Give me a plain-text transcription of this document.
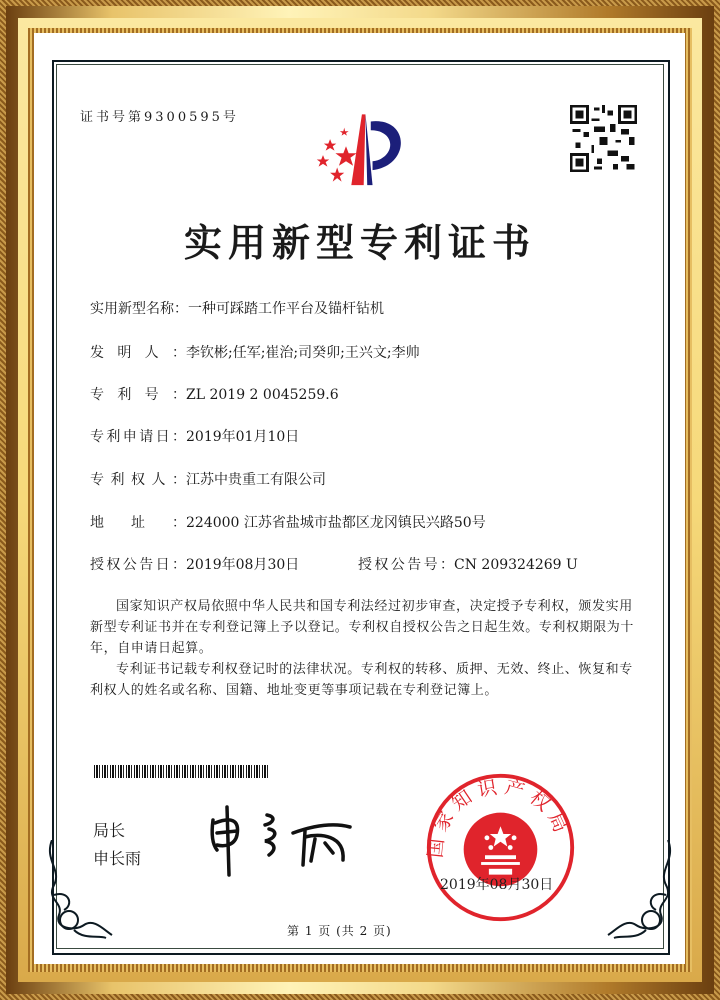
证书号第9300595号
实用新型专利证书
实用新型名称：一种可踩踏工作平台及锚杆钻机
发明人：李钦彬;任军;崔治;司癸卯;王兴文;李帅
专利号：ZL 2019 2 0045259.6
专利申请日：2019年01月10日
专利权人：江苏中贵重工有限公司
地址：224000 江苏省盐城市盐都区龙冈镇民兴路50号
授权公告日：2019年08月30日	授权公告号：CN 209324269 U

国家知识产权局依照中华人民共和国专利法经过初步审查，决定授予专利权，颁发实用新型专利证书并在专利登记簿上予以登记。专利权自授权公告之日起生效。专利权期限为十年，自申请日起算。

专利证书记载专利权登记时的法律状况。专利权的转移、质押、无效、终止、恢复和专利权人的姓名或名称、国籍、地址变更等事项记载在专利登记簿上。

局长
申长雨	国家知识产权局
2019年08月30日
第 1 页 (共 2 页)
